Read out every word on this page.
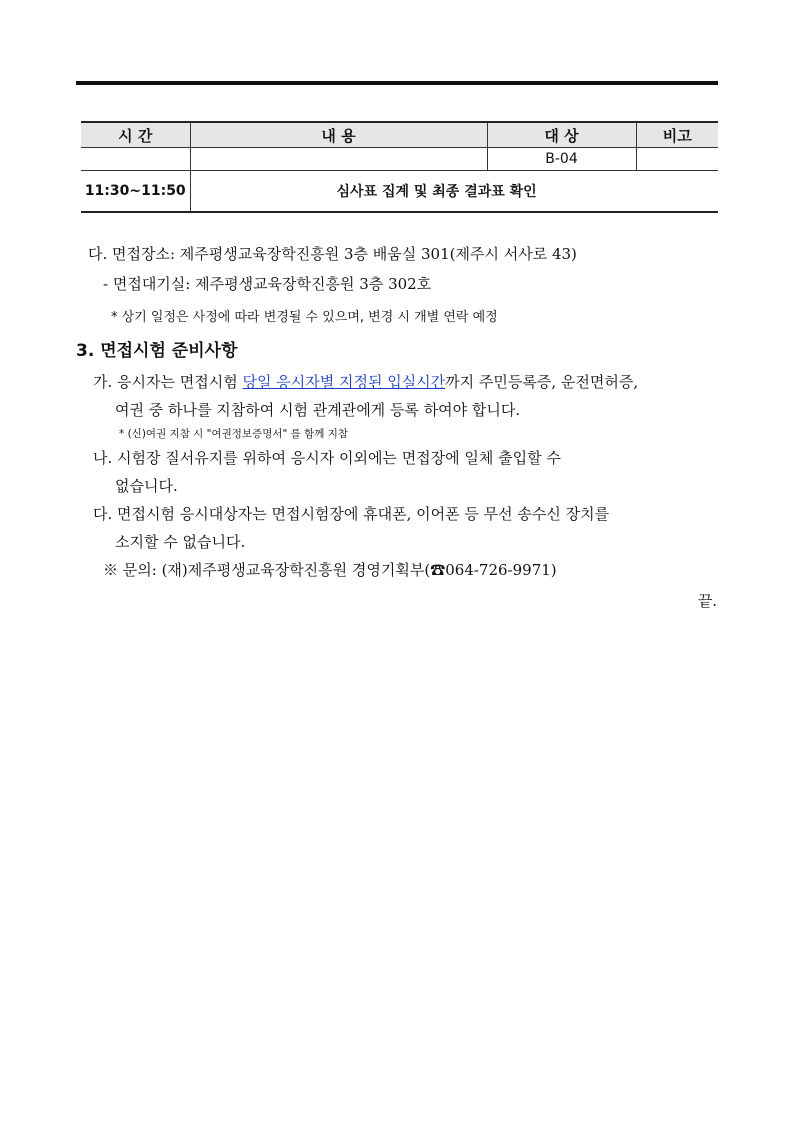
시 간	내 용	대 상	비고
		B-04	
11:30~11:50	심사표 집계 및 최종 결과표 확인		
다. 면접장소: 제주평생교육장학진흥원 3층 배움실 301(제주시 서사로 43)
- 면접대기실: 제주평생교육장학진흥원 3층 302호
* 상기 일정은 사정에 따라 변경될 수 있으며, 변경 시 개별 연락 예정
3. 면접시험 준비사항
가. 응시자는 면접시험 당일 응시자별 지정된 입실시간까지 주민등록증, 운전면허증,
여권 중 하나를 지참하여 시험 관계관에게 등록 하여야 합니다.
* (신)여권 지참 시 "여권정보증명서" 를 함께 지참
나. 시험장 질서유지를 위하여 응시자 이외에는 면접장에 일체 출입할 수
없습니다.
다. 면접시험 응시대상자는 면접시험장에 휴대폰, 이어폰 등 무선 송수신 장치를
소지할 수 없습니다.
※ 문의: (재)제주평생교육장학진흥원 경영기획부(☎064-726-9971)
끝.
